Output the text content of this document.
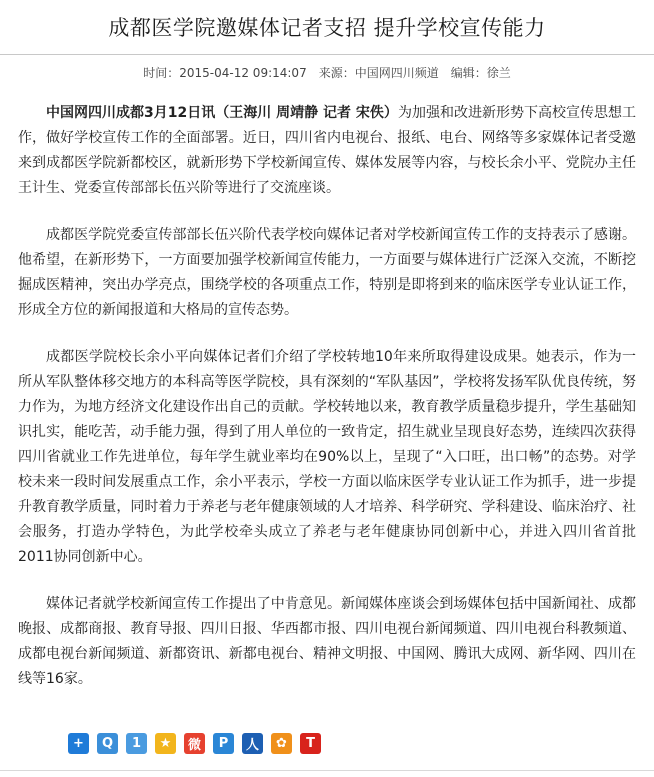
成都医学院邀媒体记者支招 提升学校宣传能力
时间：2015-04-12 09:14:07 来源：中国网四川频道 编辑：徐兰

中国网四川成都3月12日讯（王海川 周靖静 记者 宋佚）为加强和改进新形势下高校宣传思想工作，做好学校宣传工作的全面部署。近日，四川省内电视台、报纸、电台、网络等多家媒体记者受邀来到成都医学院新都校区，就新形势下学校新闻宣传、媒体发展等内容，与校长余小平、党院办主任王计生、党委宣传部部长伍兴阶等进行了交流座谈。

成都医学院党委宣传部部长伍兴阶代表学校向媒体记者对学校新闻宣传工作的支持表示了感谢。他希望，在新形势下，一方面要加强学校新闻宣传能力，一方面要与媒体进行广泛深入交流，不断挖掘成医精神，突出办学亮点，围绕学校的各项重点工作，特别是即将到来的临床医学专业认证工作，形成全方位的新闻报道和大格局的宣传态势。

成都医学院校长余小平向媒体记者们介绍了学校转地10年来所取得建设成果。她表示，作为一所从军队整体移交地方的本科高等医学院校，具有深刻的“军队基因”，学校将发扬军队优良传统，努力作为，为地方经济文化建设作出自己的贡献。学校转地以来，教育教学质量稳步提升，学生基础知识扎实，能吃苦，动手能力强，得到了用人单位的一致肯定，招生就业呈现良好态势，连续四次获得四川省就业工作先进单位，每年学生就业率均在90%以上，呈现了“入口旺，出口畅”的态势。对学校未来一段时间发展重点工作，余小平表示，学校一方面以临床医学专业认证工作为抓手，进一步提升教育教学质量，同时着力于养老与老年健康领域的人才培养、科学研究、学科建设、临床治疗、社会服务，打造办学特色，为此学校牵头成立了养老与老年健康协同创新中心，并进入四川省首批2011协同创新中心。

媒体记者就学校新闻宣传工作提出了中肯意见。新闻媒体座谈会到场媒体包括中国新闻社、成都晚报、成都商报、教育导报、四川日报、华西都市报、四川电视台新闻频道、四川电视台科教频道、成都电视台新闻频道、新都资讯、新都电视台、精神文明报、中国网、腾讯大成网、新华网、四川在线等16家。

+	Q	1	★	微	P	人	✿	T
